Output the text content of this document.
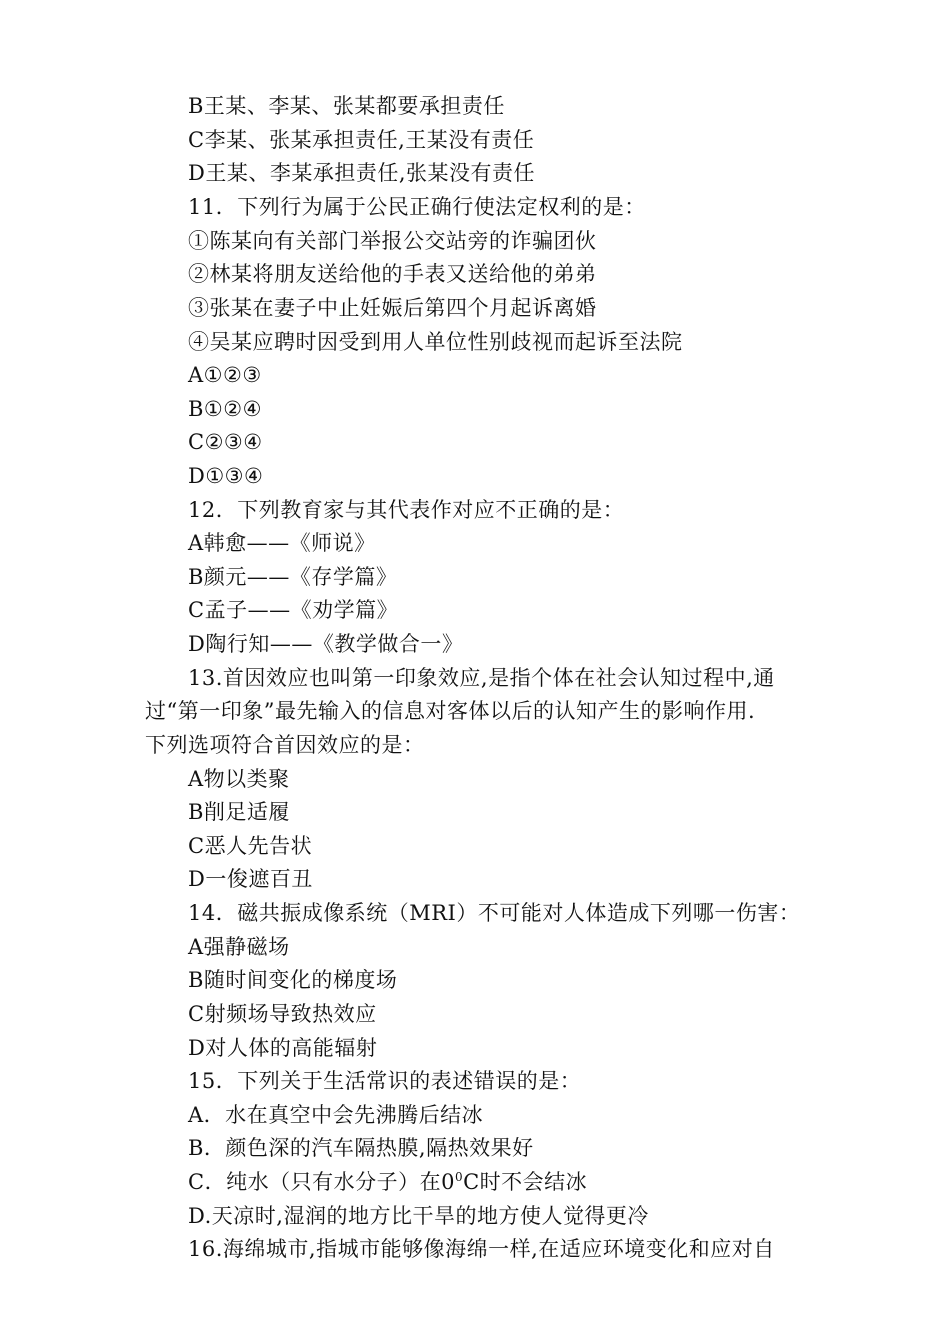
B王某、李某、张某都要承担责任
C李某、张某承担责任,王某没有责任
D王某、李某承担责任,张某没有责任
11．下列行为属于公民正确行使法定权利的是：
①陈某向有关部门举报公交站旁的诈骗团伙
②林某将朋友送给他的手表又送给他的弟弟
③张某在妻子中止妊娠后第四个月起诉离婚
④吴某应聘时因受到用人单位性别歧视而起诉至法院
A①②③
B①②④
C②③④
D①③④
12．下列教育家与其代表作对应不正确的是：
A韩愈——《师说》
B颜元——《存学篇》
C孟子——《劝学篇》
D陶行知——《教学做合一》
13.首因效应也叫第一印象效应,是指个体在社会认知过程中,通
过“第一印象”最先输入的信息对客体以后的认知产生的影响作用.
下列选项符合首因效应的是：
A物以类聚
B削足适履
C恶人先告状
D一俊遮百丑
14．磁共振成像系统（MRI）不可能对人体造成下列哪一伤害：
A强静磁场
B随时间变化的梯度场
C射频场导致热效应
D对人体的高能辐射
15．下列关于生活常识的表述错误的是：
A．水在真空中会先沸腾后结冰
B．颜色深的汽车隔热膜,隔热效果好
C．纯水（只有水分子）在$0^0C$时不会结冰
D.天凉时,湿润的地方比干旱的地方使人觉得更冷
16.海绵城市,指城市能够像海绵一样,在适应环境变化和应对自
